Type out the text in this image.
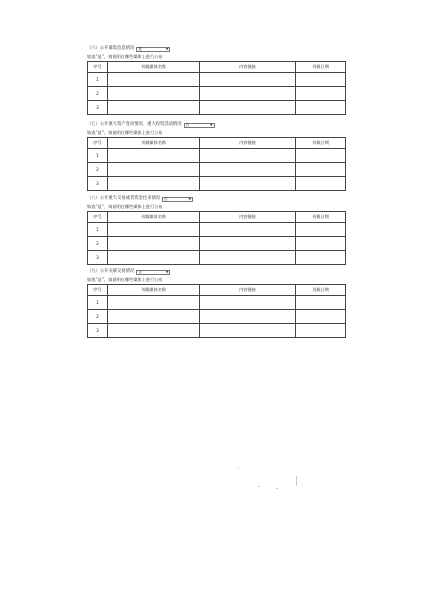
（六）公开募集信息情况 是	▼
如选“是”，请说明在哪些媒体上进行公布
序号	刊载媒体名称	内容链接	刊载日期
1			
2			
3			
（七）公开重大资产变动情况、重大投资活动情况 否	▼
如选“是”，请说明在哪些媒体上进行公布
序号	刊载媒体名称	内容链接	刊载日期
1			
2			
3			
（八）公开重大交易或者资金往来情况 否	▼
如选“是”，请说明在哪些媒体上进行公布
序号	刊载媒体名称	内容链接	刊载日期
1			
2			
3			
（九）公开关联交易情况 否	▼
如选“是”，请说明在哪些媒体上进行公布
序号	刊载媒体名称	内容链接	刊载日期
1			
2			
3			
